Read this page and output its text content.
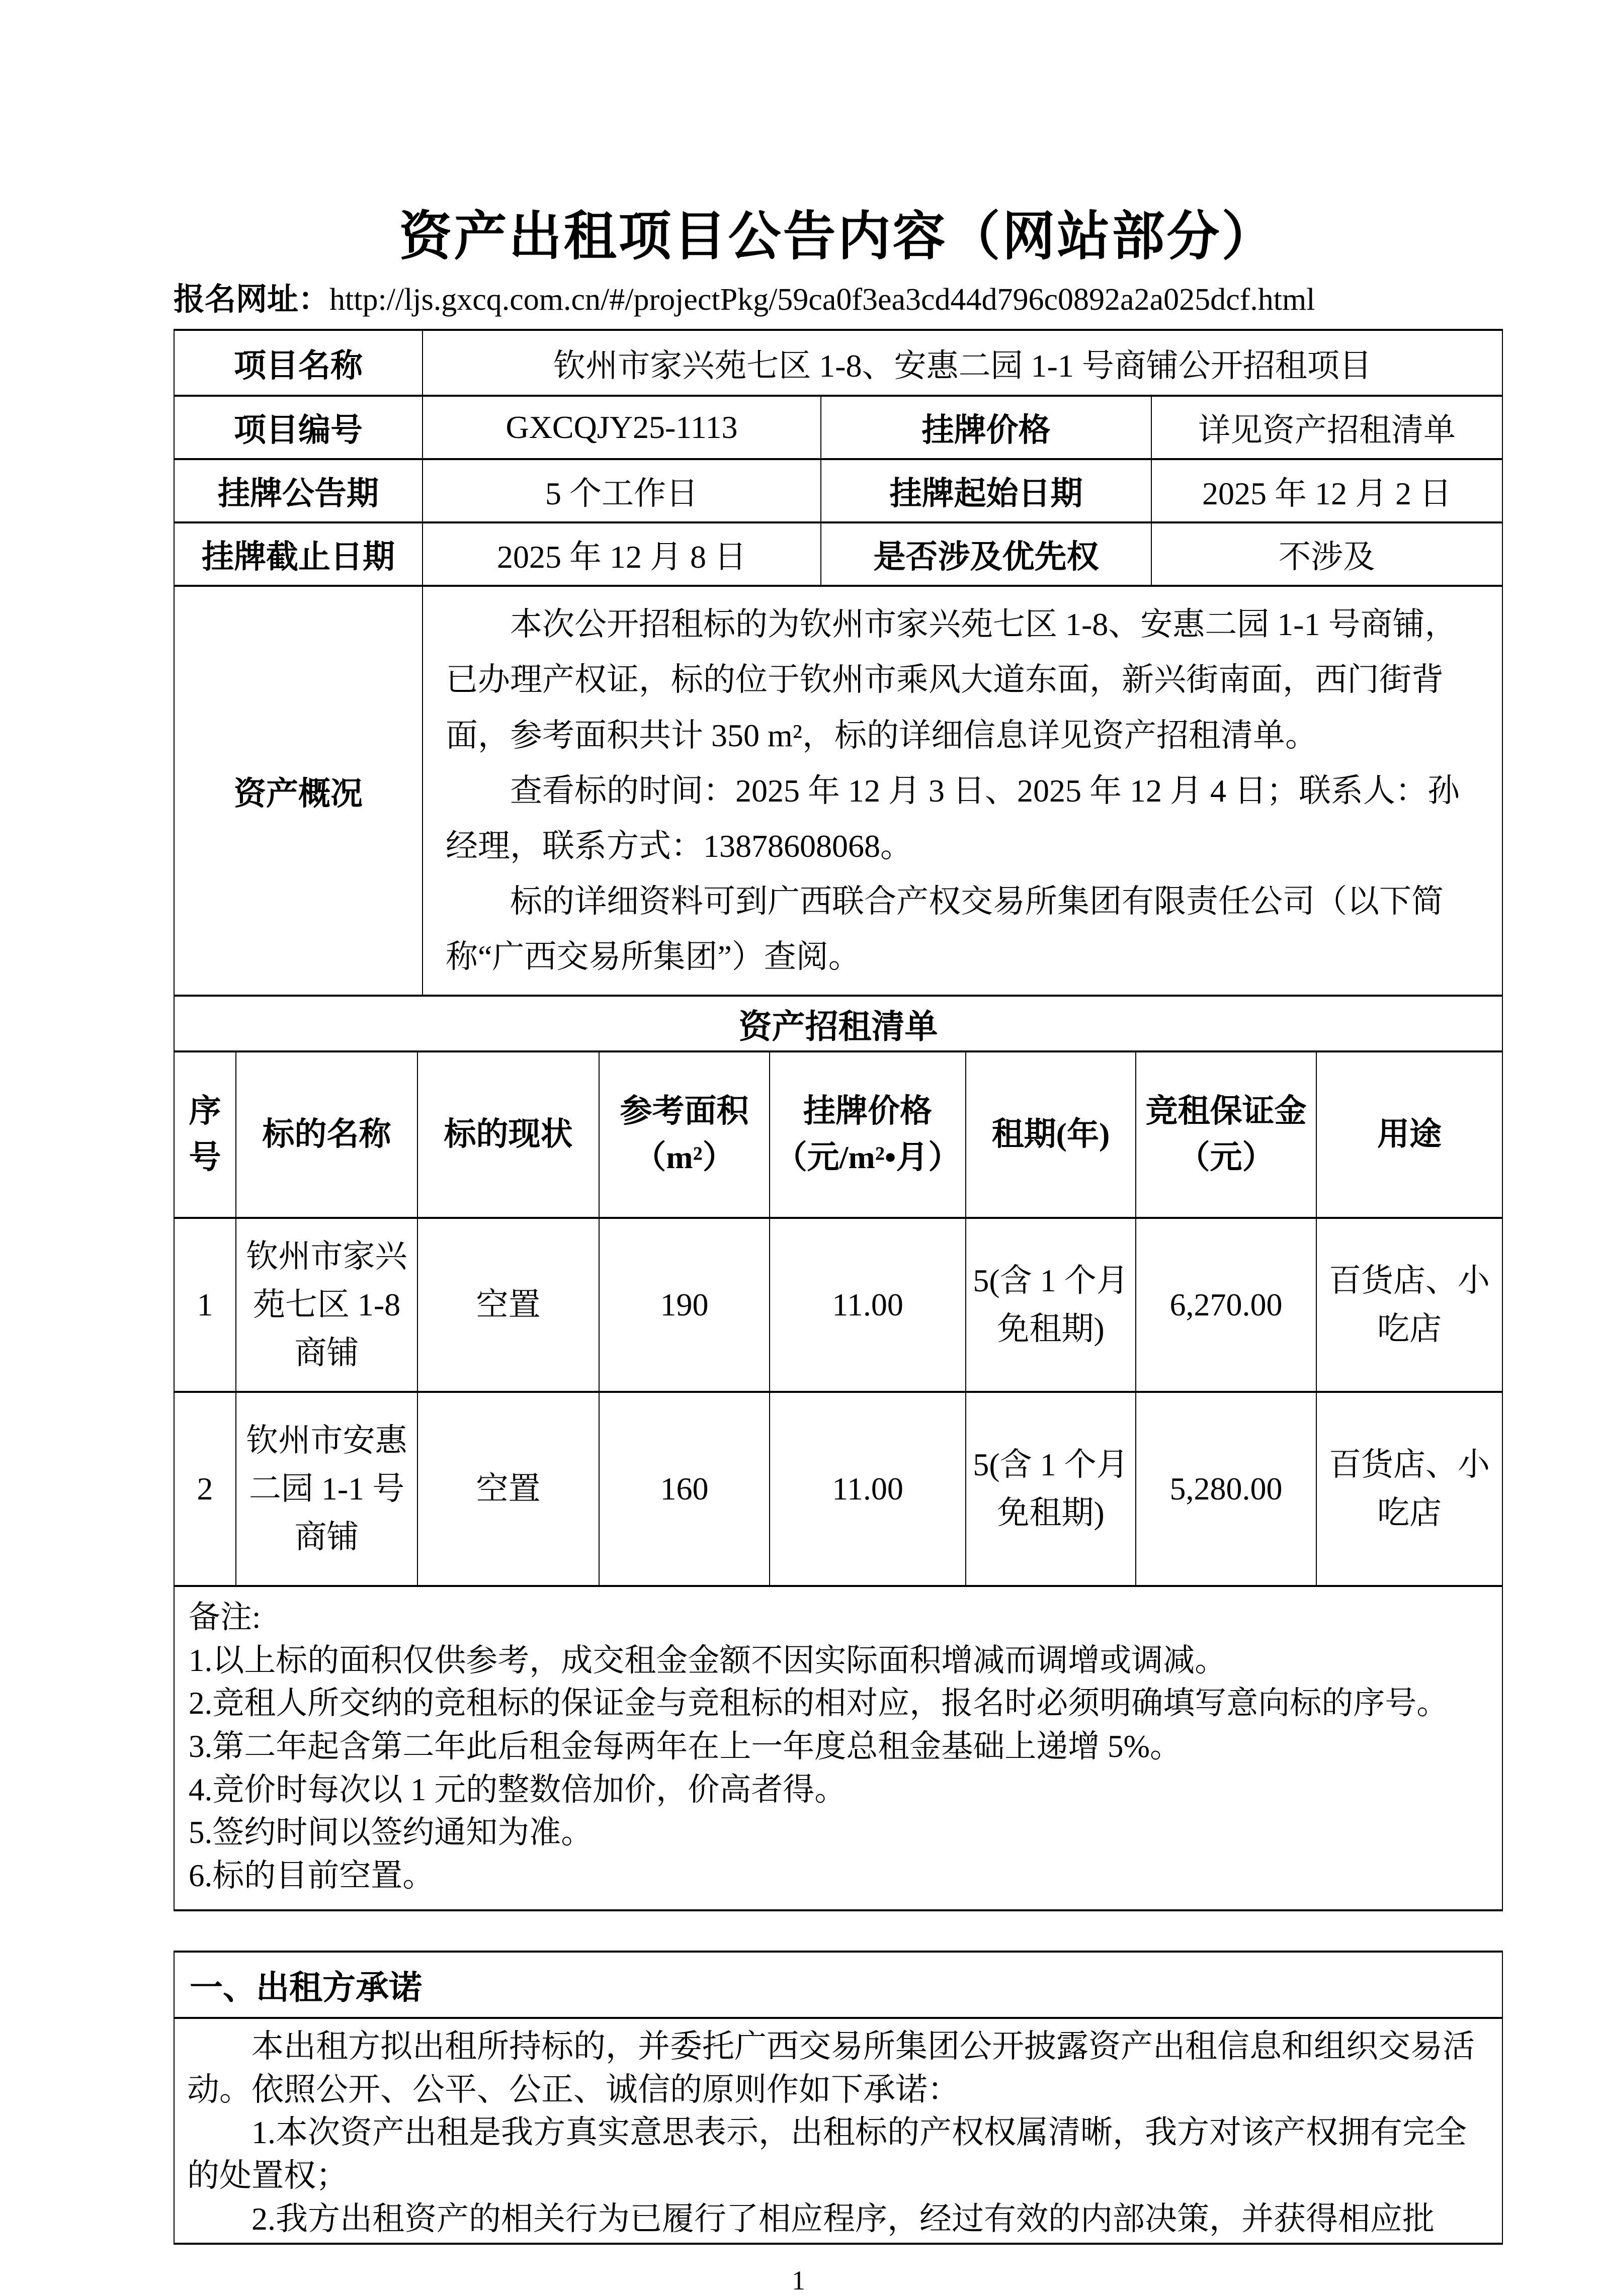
资产出租项目公告内容（网站部分）
报名网址：http://ljs.gxcq.com.cn/#/projectPkg/59ca0f3ea3cd44d796c0892a2a025dcf.html
项目名称	钦州市家兴苑七区 1-8、安惠二园 1-1 号商铺公开招租项目		
项目编号	GXCQJY25-1113	挂牌价格	详见资产招租清单
挂牌公告期	5 个工作日	挂牌起始日期	2025 年 12 月 2 日
挂牌截止日期	2025 年 12 月 8 日	是否涉及优先权	不涉及
资产概况	本次公开招租标的为钦州市家兴苑七区 1-8、安惠二园 1-1 号商铺，已办理产权证，标的位于钦州市乘风大道东面，新兴街南面，西门街背面，参考面积共计 350 m²，标的详细信息详见资产招租清单。

查看标的时间：2025 年 12 月 3 日、2025 年 12 月 4 日；联系人：孙经理，联系方式：13878608068。

标的详细资料可到广西联合产权交易所集团有限责任公司（以下简称“广西交易所集团”）查阅。		

资产招租清单							
序号	标的名称	标的现状	参考面积（m²）	挂牌价格（元/m²•月）	租期(年)	竞租保证金（元）	用途
1	钦州市家兴苑七区 1-8 商铺	空置	190	11.00	5(含 1 个月免租期)	6,270.00	百货店、小吃店
2	钦州市安惠二园 1-1 号商铺	空置	160	11.00	5(含 1 个月免租期)	5,280.00	百货店、小吃店

备注:
1.以上标的面积仅供参考，成交租金金额不因实际面积增减而调增或调减。
2.竞租人所交纳的竞租标的保证金与竞租标的相对应，报名时必须明确填写意向标的序号。
3.第二年起含第二年此后租金每两年在上一年度总租金基础上递增 5%。
4.竞价时每次以 1 元的整数倍加价，价高者得。
5.签约时间以签约通知为准。
6.标的目前空置。
一、出租方承诺

本出租方拟出租所持标的，并委托广西交易所集团公开披露资产出租信息和组织交易活动。依照公开、公平、公正、诚信的原则作如下承诺：

1.本次资产出租是我方真实意思表示，出租标的产权权属清晰，我方对该产权拥有完全的处置权；

2.我方出租资产的相关行为已履行了相应程序，经过有效的内部决策，并获得相应批

1
